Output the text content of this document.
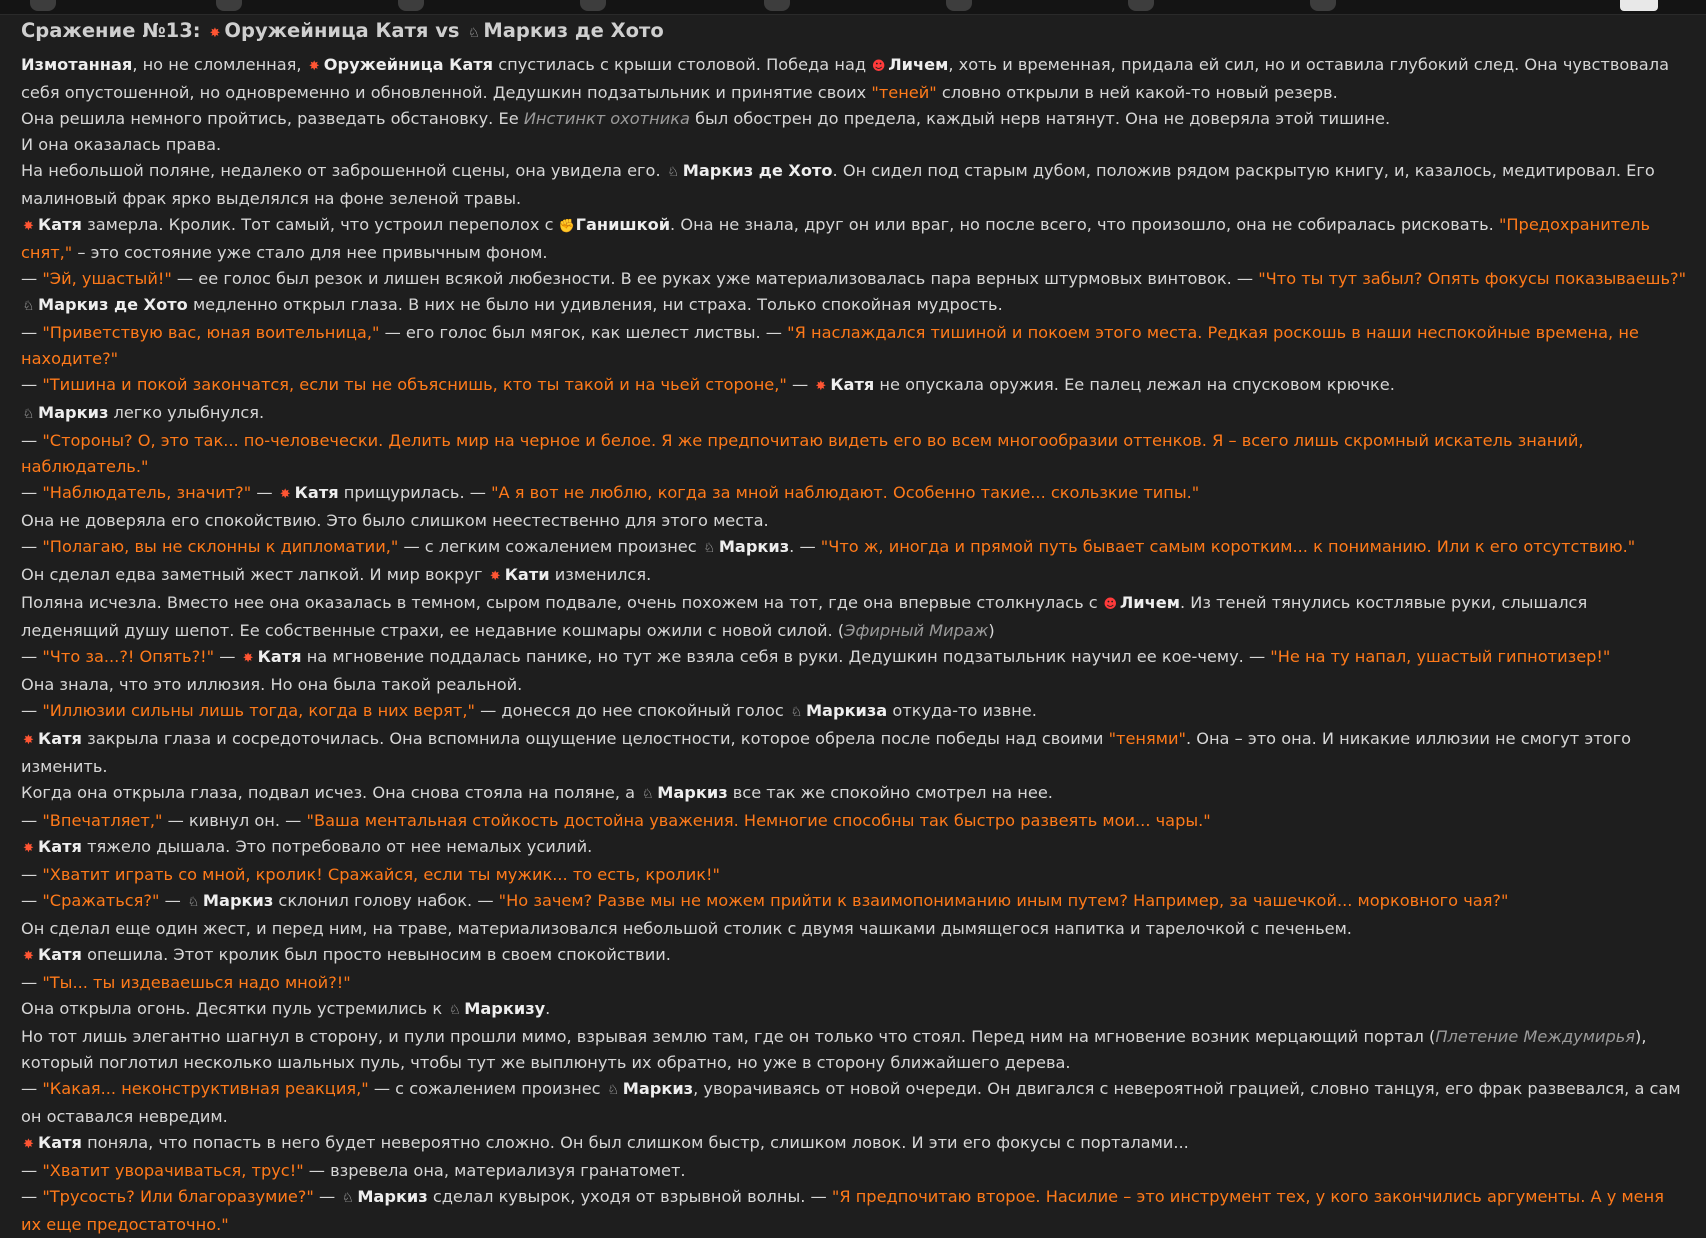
Сражение №13: ✸ Оружейница Катя vs ♘ Маркиз де Хото

Измотанная, но не сломленная, ✸ Оружейница Катя спустилась с крыши столовой. Победа над ☻ Личем, хоть и временная, придала ей сил, но и оставила глубокий след. Она чувствовала себя опустошенной, но одновременно и обновленной. Дедушкин подзатыльник и принятие своих "теней" словно открыли в ней какой-то новый резерв.

Она решила немного пройтись, разведать обстановку. Ее Инстинкт охотника был обострен до предела, каждый нерв натянут. Она не доверяла этой тишине.

И она оказалась права.

На небольшой поляне, недалеко от заброшенной сцены, она увидела его. ♘ Маркиз де Хото. Он сидел под старым дубом, положив рядом раскрытую книгу, и, казалось, медитировал. Его малиновый фрак ярко выделялся на фоне зеленой травы.

✸ Катя замерла. Кролик. Тот самый, что устроил переполох с ✊Ганишкой. Она не знала, друг он или враг, но после всего, что произошло, она не собиралась рисковать. "Предохранитель снят," – это состояние уже стало для нее привычным фоном.

— "Эй, ушастый!" — ее голос был резок и лишен всякой любезности. В ее руках уже материализовалась пара верных штурмовых винтовок. — "Что ты тут забыл? Опять фокусы показываешь?"

♘ Маркиз де Хото медленно открыл глаза. В них не было ни удивления, ни страха. Только спокойная мудрость.

— "Приветствую вас, юная воительница," — его голос был мягок, как шелест листвы. — "Я наслаждался тишиной и покоем этого места. Редкая роскошь в наши неспокойные времена, не находите?"

— "Тишина и покой закончатся, если ты не объяснишь, кто ты такой и на чьей стороне," — ✸ Катя не опускала оружия. Ее палец лежал на спусковом крючке.

♘ Маркиз легко улыбнулся.

— "Стороны? О, это так... по-человечески. Делить мир на черное и белое. Я же предпочитаю видеть его во всем многообразии оттенков. Я – всего лишь скромный искатель знаний, наблюдатель."

— "Наблюдатель, значит?" — ✸ Катя прищурилась. — "А я вот не люблю, когда за мной наблюдают. Особенно такие... скользкие типы."

Она не доверяла его спокойствию. Это было слишком неестественно для этого места.

— "Полагаю, вы не склонны к дипломатии," — с легким сожалением произнес ♘ Маркиз. — "Что ж, иногда и прямой путь бывает самым коротким... к пониманию. Или к его отсутствию."

Он сделал едва заметный жест лапкой. И мир вокруг ✸ Кати изменился.

Поляна исчезла. Вместо нее она оказалась в темном, сыром подвале, очень похожем на тот, где она впервые столкнулась с ☻ Личем. Из теней тянулись костлявые руки, слышался леденящий душу шепот. Ее собственные страхи, ее недавние кошмары ожили с новой силой. (Эфирный Мираж)

— "Что за...?! Опять?!" — ✸ Катя на мгновение поддалась панике, но тут же взяла себя в руки. Дедушкин подзатыльник научил ее кое-чему. — "Не на ту напал, ушастый гипнотизер!"

Она знала, что это иллюзия. Но она была такой реальной.

— "Иллюзии сильны лишь тогда, когда в них верят," — донесся до нее спокойный голос ♘ Маркиза откуда-то извне.

✸ Катя закрыла глаза и сосредоточилась. Она вспомнила ощущение целостности, которое обрела после победы над своими "тенями". Она – это она. И никакие иллюзии не смогут этого изменить.

Когда она открыла глаза, подвал исчез. Она снова стояла на поляне, а ♘ Маркиз все так же спокойно смотрел на нее.

— "Впечатляет," — кивнул он. — "Ваша ментальная стойкость достойна уважения. Немногие способны так быстро развеять мои... чары."

✸ Катя тяжело дышала. Это потребовало от нее немалых усилий.

— "Хватит играть со мной, кролик! Сражайся, если ты мужик... то есть, кролик!"

— "Сражаться?" — ♘ Маркиз склонил голову набок. — "Но зачем? Разве мы не можем прийти к взаимопониманию иным путем? Например, за чашечкой... морковного чая?"

Он сделал еще один жест, и перед ним, на траве, материализовался небольшой столик с двумя чашками дымящегося напитка и тарелочкой с печеньем.

✸ Катя опешила. Этот кролик был просто невыносим в своем спокойствии.

— "Ты... ты издеваешься надо мной?!"

Она открыла огонь. Десятки пуль устремились к ♘ Маркизу.

Но тот лишь элегантно шагнул в сторону, и пули прошли мимо, взрывая землю там, где он только что стоял. Перед ним на мгновение возник мерцающий портал (Плетение Междумирья), который поглотил несколько шальных пуль, чтобы тут же выплюнуть их обратно, но уже в сторону ближайшего дерева.

— "Какая... неконструктивная реакция," — с сожалением произнес ♘ Маркиз, уворачиваясь от новой очереди. Он двигался с невероятной грацией, словно танцуя, его фрак развевался, а сам он оставался невредим.

✸ Катя поняла, что попасть в него будет невероятно сложно. Он был слишком быстр, слишком ловок. И эти его фокусы с порталами...

— "Хватит уворачиваться, трус!" — взревела она, материализуя гранатомет.

— "Трусость? Или благоразумие?" — ♘ Маркиз сделал кувырок, уходя от взрывной волны. — "Я предпочитаю второе. Насилие – это инструмент тех, у кого закончились аргументы. А у меня их еще предостаточно."
